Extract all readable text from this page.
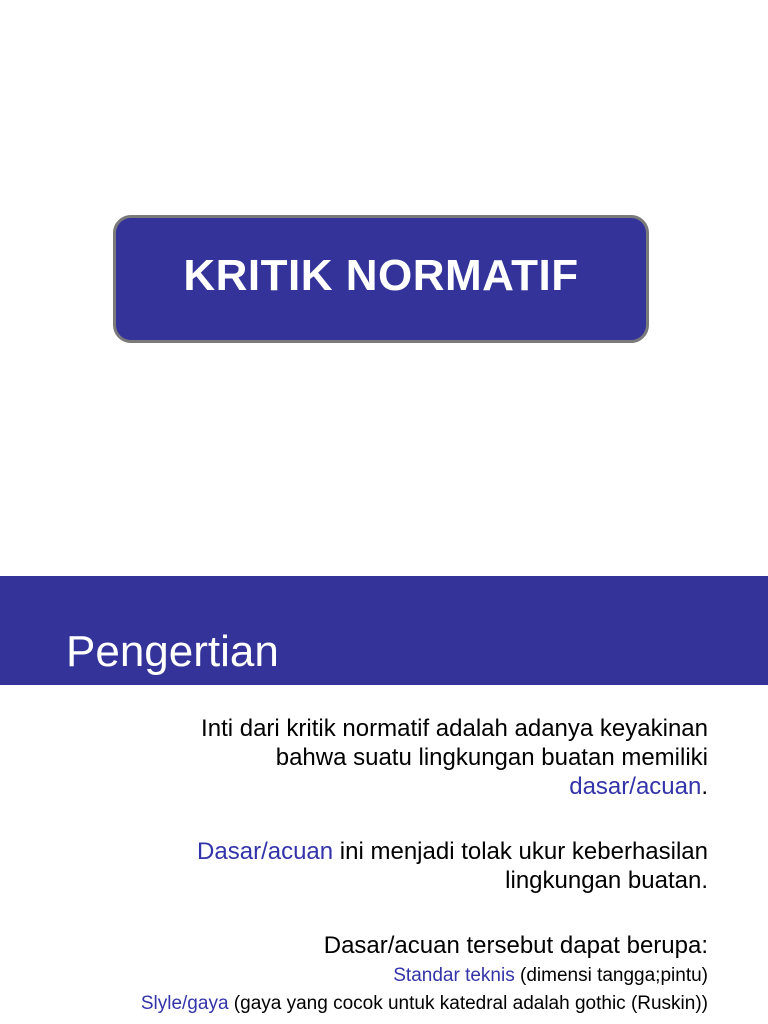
KRITIK NORMATIF
Pengertian

Inti dari kritik normatif adalah adanya keyakinan
bahwa suatu lingkungan buatan memiliki
dasar/acuan.

Dasar/acuan ini menjadi tolak ukur keberhasilan
lingkungan buatan.

Dasar/acuan tersebut dapat berupa:

Standar teknis (dimensi tangga;pintu)
Slyle/gaya (gaya yang cocok untuk katedral adalah gothic (Ruskin))
